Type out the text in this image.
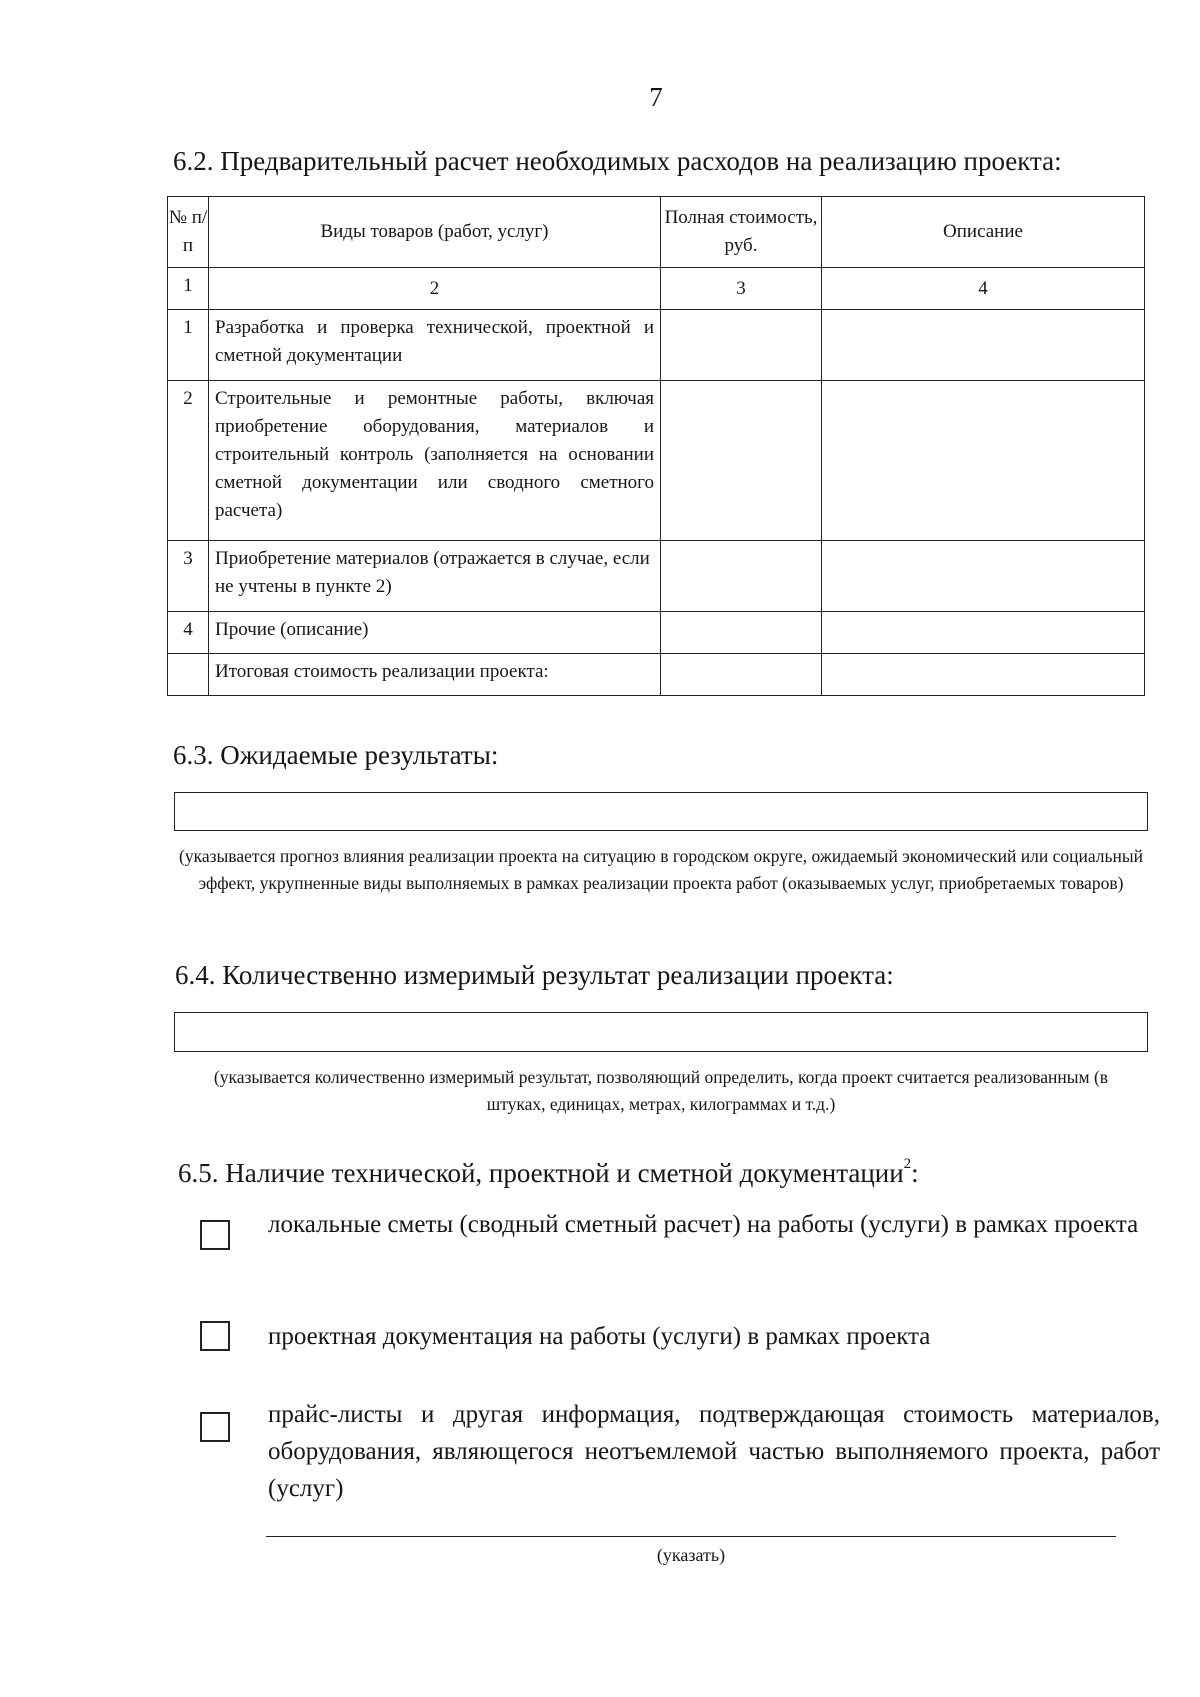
7
6.2. Предварительный расчет необходимых расходов на реализацию проекта:
№ п/п	Виды товаров (работ, услуг)	Полная стоимость, руб.	Описание
1	2	3	4
1	Разработка и проверка технической, проектной и сметной документации		
2	Строительные и ремонтные работы, включая приобретение оборудования, материалов и строительный контроль (заполняется на основании сметной документации или сводного сметного расчета)		
3	Приобретение материалов (отражается в случае, если не учтены в пункте 2)		
4	Прочие (описание)		
	Итоговая стоимость реализации проекта:		
6.3. Ожидаемые результаты:
(указывается прогноз влияния реализации проекта на ситуацию в городском округе, ожидаемый экономический или социальный эффект, укрупненные виды выполняемых в рамках реализации проекта работ (оказываемых услуг, приобретаемых товаров)
6.4. Количественно измеримый результат реализации проекта:
(указывается количественно измеримый результат, позволяющий определить, когда проект считается реализованным (в штуках, единицах, метрах, килограммах и т.д.)
6.5. Наличие технической, проектной и сметной документации$^2$:
локальные сметы (сводный сметный расчет) на работы (услуги) в рамках проекта
проектная документация на работы (услуги) в рамках проекта
прайс-листы и другая информация, подтверждающая стоимость материалов, оборудования, являющегося неотъемлемой частью выполняемого проекта, работ (услуг)
(указать)
